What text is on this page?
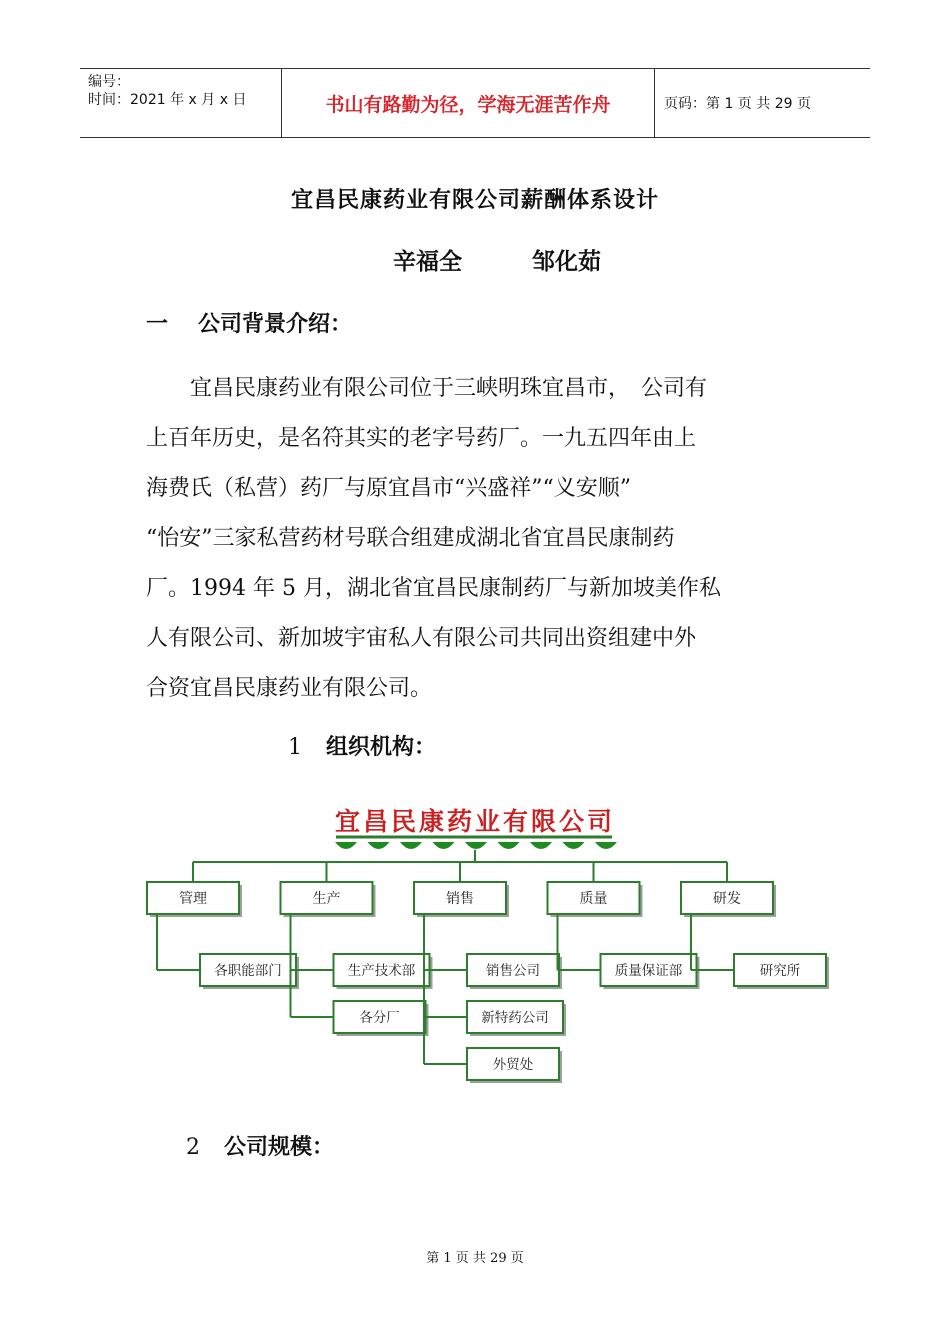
编号：
时间：2021 年 x 月 x 日	书山有路勤为径，学海无涯苦作舟	页码：第 1 页 共 29 页
宜昌民康药业有限公司薪酬体系设计
辛福全	邹化茹
一 公司背景介绍：
　　宜昌民康药业有限公司位于三峡明珠宜昌市，　公司有
上百年历史，是名符其实的老字号药厂。一九五四年由上
海费氏（私营）药厂与原宜昌市“兴盛祥”“义安顺”
“怡安”三家私营药材号联合组建成湖北省宜昌民康制药
厂。1994 年 5 月，湖北省宜昌民康制药厂与新加坡美作私
人有限公司、新加坡宇宙私人有限公司共同出资组建中外
合资宜昌民康药业有限公司。
1 组织机构：
宜昌民康药业有限公司
管理
各职能部门
生产
生产技术部
各分厂
销售
销售公司
新特药公司
外贸处
质量
质量保证部
研发
研究所
2 公司规模：
第 1 页 共 29 页
